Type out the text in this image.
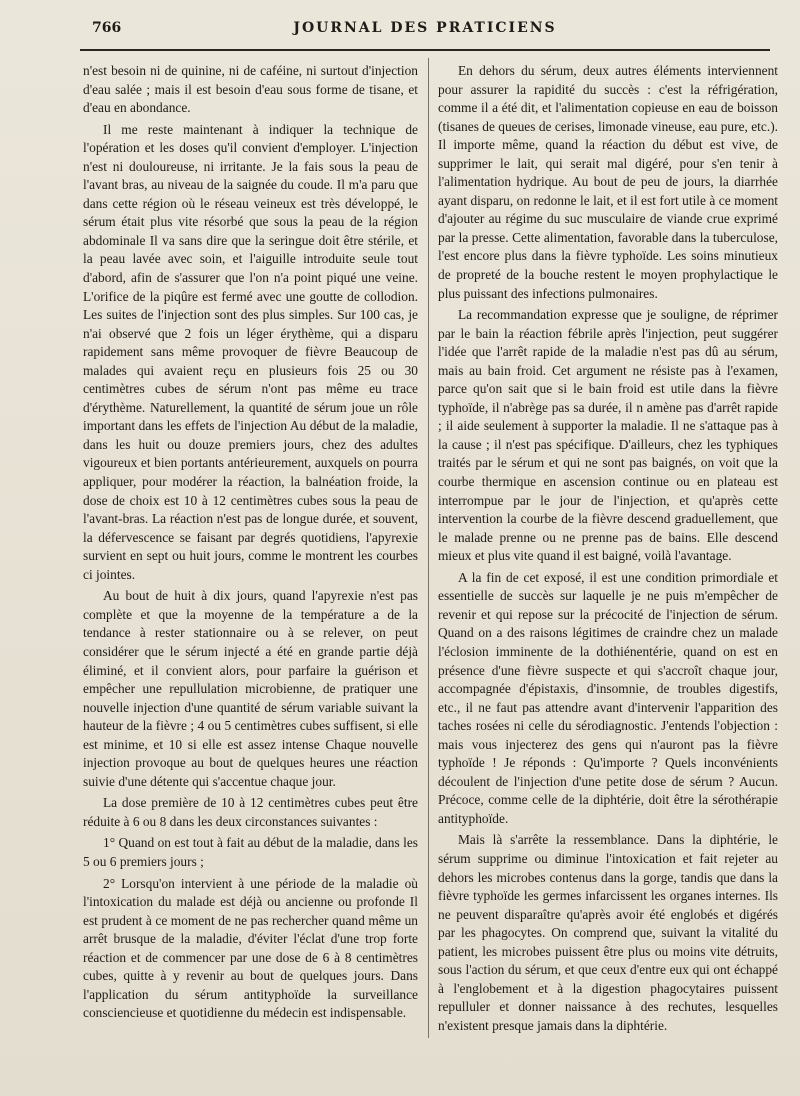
766	JOURNAL DES PRATICIENS

n'est besoin ni de quinine, ni de caféine, ni surtout d'injection d'eau salée ; mais il est besoin d'eau sous forme de tisane, et d'eau en abondance.

Il me reste maintenant à indiquer la technique de l'opération et les doses qu'il convient d'employer. L'injection n'est ni douloureuse, ni irritante. Je la fais sous la peau de l'avant bras, au niveau de la saignée du coude. Il m'a paru que dans cette région où le réseau veineux est très développé, le sérum était plus vite résorbé que sous la peau de la région abdominale Il va sans dire que la seringue doit être stérile, et la peau lavée avec soin, et l'aiguille introduite seule tout d'abord, afin de s'assurer que l'on n'a point piqué une veine. L'orifice de la piqûre est fermé avec une goutte de collodion. Les suites de l'injection sont des plus simples. Sur 100 cas, je n'ai observé que 2 fois un léger érythème, qui a disparu rapidement sans même provoquer de fièvre Beaucoup de malades qui avaient reçu en plusieurs fois 25 ou 30 centimètres cubes de sérum n'ont pas même eu trace d'érythème. Naturellement, la quantité de sérum joue un rôle important dans les effets de l'injection Au début de la maladie, dans les huit ou douze premiers jours, chez des adultes vigoureux et bien portants antérieurement, auxquels on pourra appliquer, pour modérer la réaction, la balnéation froide, la dose de choix est 10 à 12 centimètres cubes sous la peau de l'avant-bras. La réaction n'est pas de longue durée, et souvent, la défervescence se faisant par degrés quotidiens, l'apyrexie survient en sept ou huit jours, comme le montrent les courbes ci jointes.

Au bout de huit à dix jours, quand l'apyrexie n'est pas complète et que la moyenne de la température a de la tendance à rester stationnaire ou à se relever, on peut considérer que le sérum injecté a été en grande partie déjà éliminé, et il convient alors, pour parfaire la guérison et empêcher une repullulation microbienne, de pratiquer une nouvelle injection d'une quantité de sérum variable suivant la hauteur de la fièvre ; 4 ou 5 centimètres cubes suffisent, si elle est minime, et 10 si elle est assez intense Chaque nouvelle injection provoque au bout de quelques heures une réaction suivie d'une détente qui s'accentue chaque jour.

La dose première de 10 à 12 centimètres cubes peut être réduite à 6 ou 8 dans les deux circonstances suivantes :

1° Quand on est tout à fait au début de la maladie, dans les 5 ou 6 premiers jours ;

2° Lorsqu'on intervient à une période de la maladie où l'intoxication du malade est déjà ou ancienne ou profonde Il est prudent à ce moment de ne pas rechercher quand même un arrêt brusque de la maladie, d'éviter l'éclat d'une trop forte réaction et de commencer par une dose de 6 à 8 centimètres cubes, quitte à y revenir au bout de quelques jours. Dans l'application du sérum antityphoïde la surveillance consciencieuse et quotidienne du médecin est indispensable.

En dehors du sérum, deux autres éléments interviennent pour assurer la rapidité du succès : c'est la réfrigération, comme il a été dit, et l'alimentation copieuse en eau de boisson (tisanes de queues de cerises, limonade vineuse, eau pure, etc.). Il importe même, quand la réaction du début est vive, de supprimer le lait, qui serait mal digéré, pour s'en tenir à l'alimentation hydrique. Au bout de peu de jours, la diarrhée ayant disparu, on redonne le lait, et il est fort utile à ce moment d'ajouter au régime du suc musculaire de viande crue exprimé par la presse. Cette alimentation, favorable dans la tuberculose, l'est encore plus dans la fièvre typhoïde. Les soins minutieux de propreté de la bouche restent le moyen prophylactique le plus puissant des infections pulmonaires.

La recommandation expresse que je souligne, de réprimer par le bain la réaction fébrile après l'injection, peut suggérer l'idée que l'arrêt rapide de la maladie n'est pas dû au sérum, mais au bain froid. Cet argument ne résiste pas à l'examen, parce qu'on sait que si le bain froid est utile dans la fièvre typhoïde, il n'abrège pas sa durée, il n amène pas d'arrêt rapide ; il aide seulement à supporter la maladie. Il ne s'attaque pas à la cause ; il n'est pas spécifique. D'ailleurs, chez les typhiques traités par le sérum et qui ne sont pas baignés, on voit que la courbe thermique en ascension continue ou en plateau est interrompue par le jour de l'injection, et qu'après cette intervention la courbe de la fièvre descend graduellement, que le malade prenne ou ne prenne pas de bains. Elle descend mieux et plus vite quand il est baigné, voilà l'avantage.

A la fin de cet exposé, il est une condition primordiale et essentielle de succès sur laquelle je ne puis m'empêcher de revenir et qui repose sur la précocité de l'injection de sérum. Quand on a des raisons légitimes de craindre chez un malade l'éclosion imminente de la dothiénentérie, quand on est en présence d'une fièvre suspecte et qui s'accroît chaque jour, accompagnée d'épistaxis, d'insomnie, de troubles digestifs, etc., il ne faut pas attendre avant d'intervenir l'apparition des taches rosées ni celle du sérodiagnostic. J'entends l'objection : mais vous injecterez des gens qui n'auront pas la fièvre typhoïde ! Je réponds : Qu'importe ? Quels inconvénients découlent de l'injection d'une petite dose de sérum ? Aucun. Précoce, comme celle de la diphtérie, doit être la sérothérapie antityphoïde.

Mais là s'arrête la ressemblance. Dans la diphtérie, le sérum supprime ou diminue l'intoxication et fait rejeter au dehors les microbes contenus dans la gorge, tandis que dans la fièvre typhoïde les germes infarcissent les organes internes. Ils ne peuvent disparaître qu'après avoir été englobés et digérés par les phagocytes. On comprend que, suivant la vitalité du patient, les microbes puissent être plus ou moins vite détruits, sous l'action du sérum, et que ceux d'entre eux qui ont échappé à l'englobement et à la digestion phagocytaires puissent repulluler et donner naissance à des rechutes, lesquelles n'existent presque jamais dans la diphtérie.
